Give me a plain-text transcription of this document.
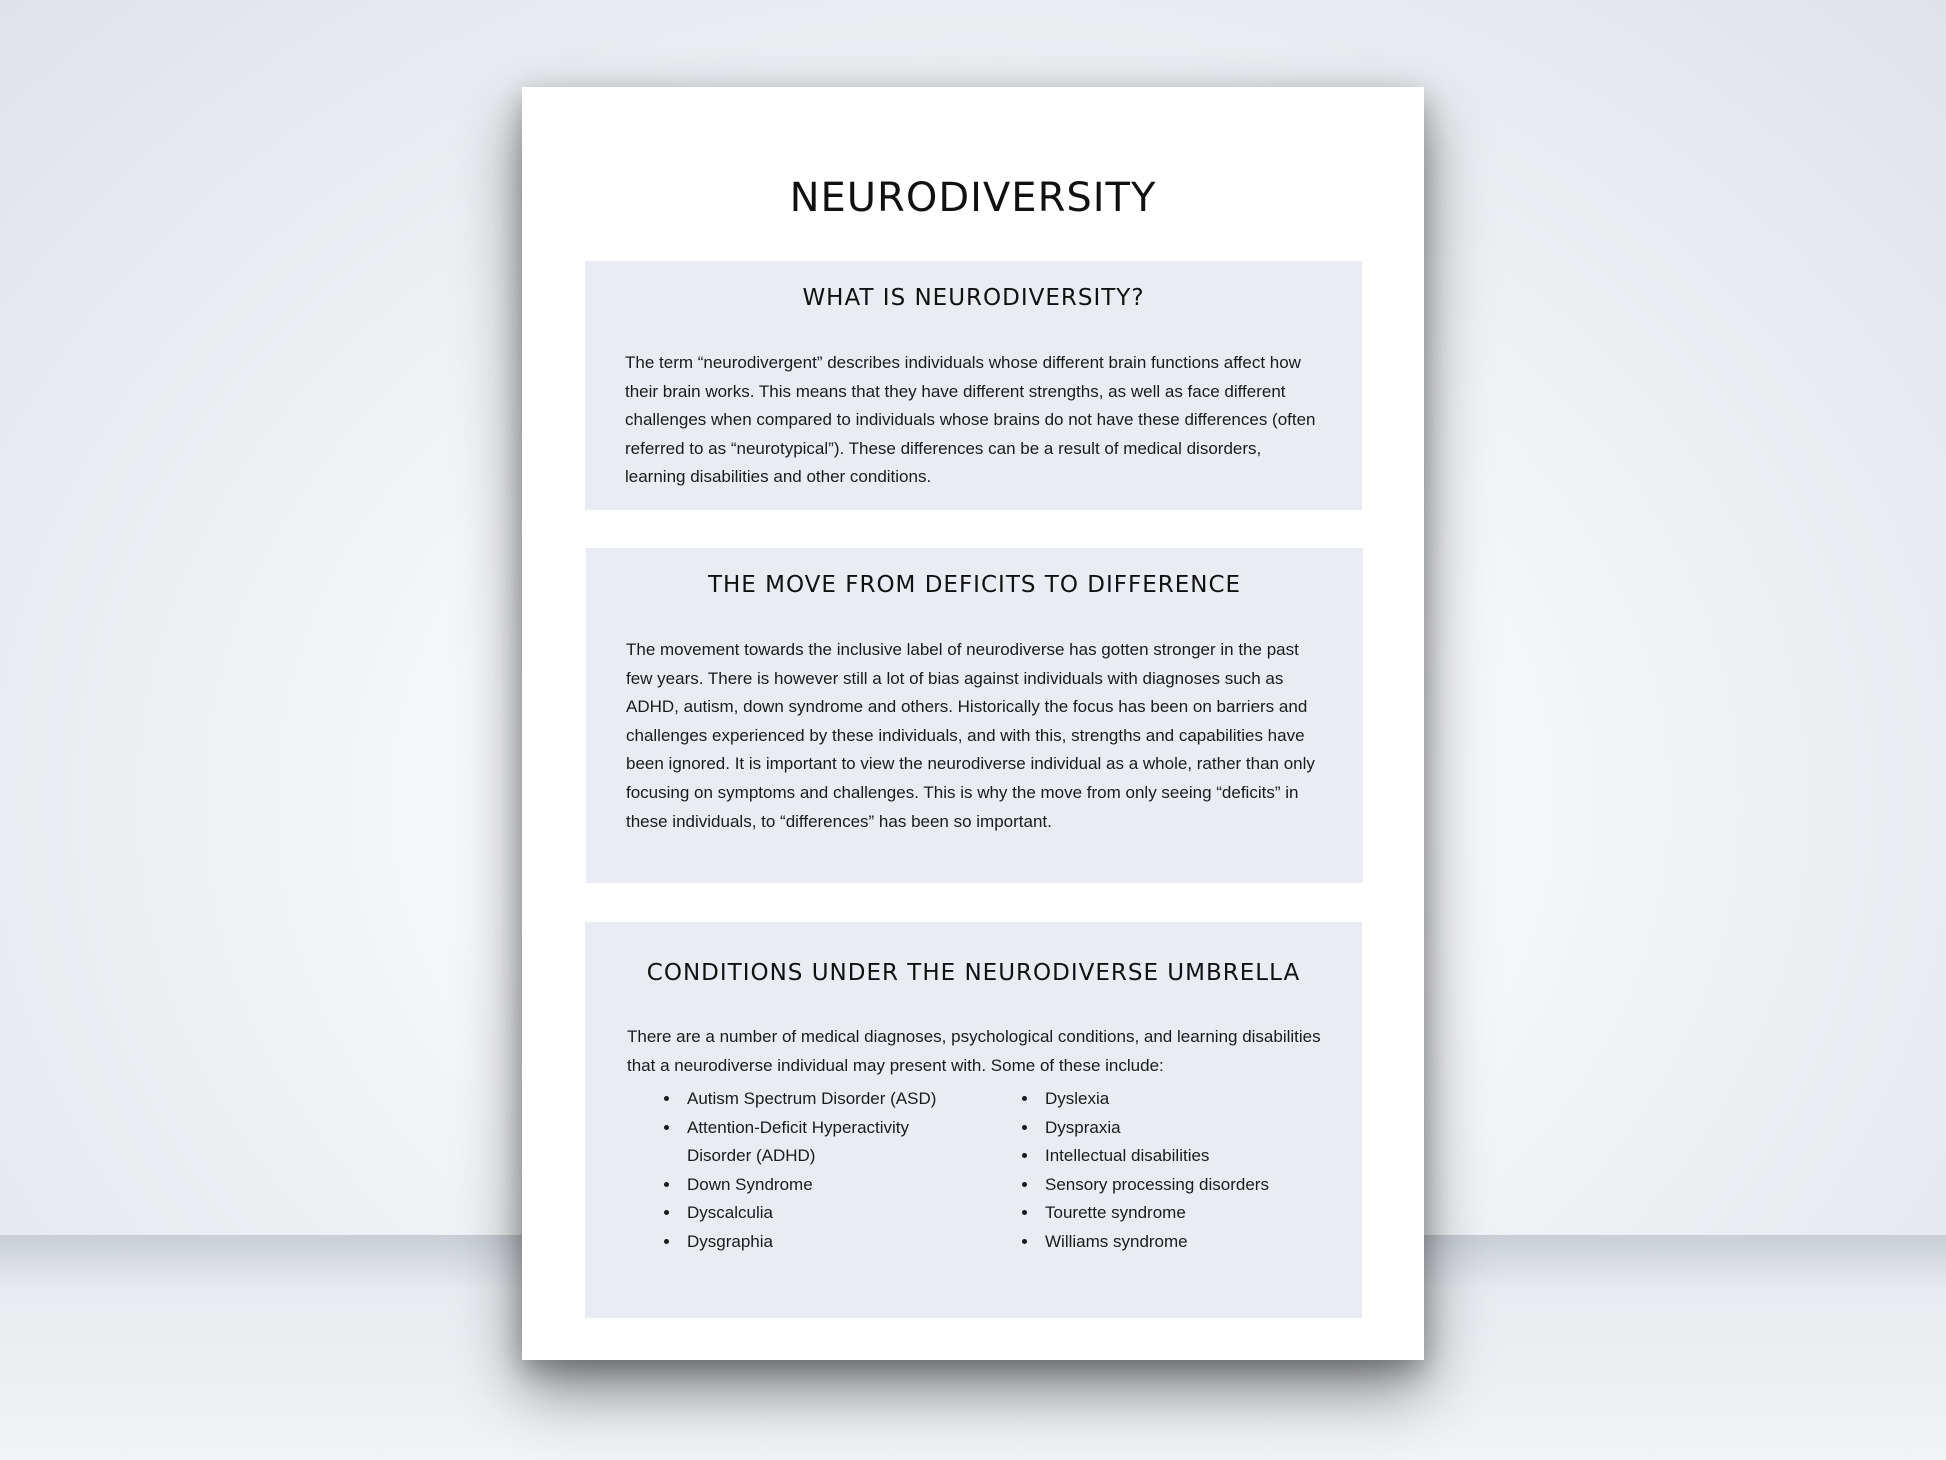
NEURODIVERSITY
WHAT IS NEURODIVERSITY?

The term “neurodivergent” describes individuals whose different brain functions affect how their brain works. This means that they have different strengths, as well as face different challenges when compared to individuals whose brains do not have these differences (often referred to as “neurotypical”). These differences can be a result of medical disorders, learning disabilities and other conditions.

THE MOVE FROM DEFICITS TO DIFFERENCE

The movement towards the inclusive label of neurodiverse has gotten stronger in the past few years. There is however still a lot of bias against individuals with diagnoses such as ADHD, autism, down syndrome and others. Historically the focus has been on barriers and challenges experienced by these individuals, and with this, strengths and capabilities have been ignored. It is important to view the neurodiverse individual as a whole, rather than only focusing on symptoms and challenges. This is why the move from only seeing “deficits” in these individuals, to “differences” has been so important.

CONDITIONS UNDER THE NEURODIVERSE UMBRELLA

There are a number of medical diagnoses, psychological conditions, and learning disabilities that a neurodiverse individual may present with. Some of these include:

• Autism Spectrum Disorder (ASD)
• Attention-Deficit Hyperactivity Disorder (ADHD)
• Down Syndrome
• Dyscalculia
• Dysgraphia
• Dyslexia
• Dyspraxia
• Intellectual disabilities
• Sensory processing disorders
• Tourette syndrome
• Williams syndrome
